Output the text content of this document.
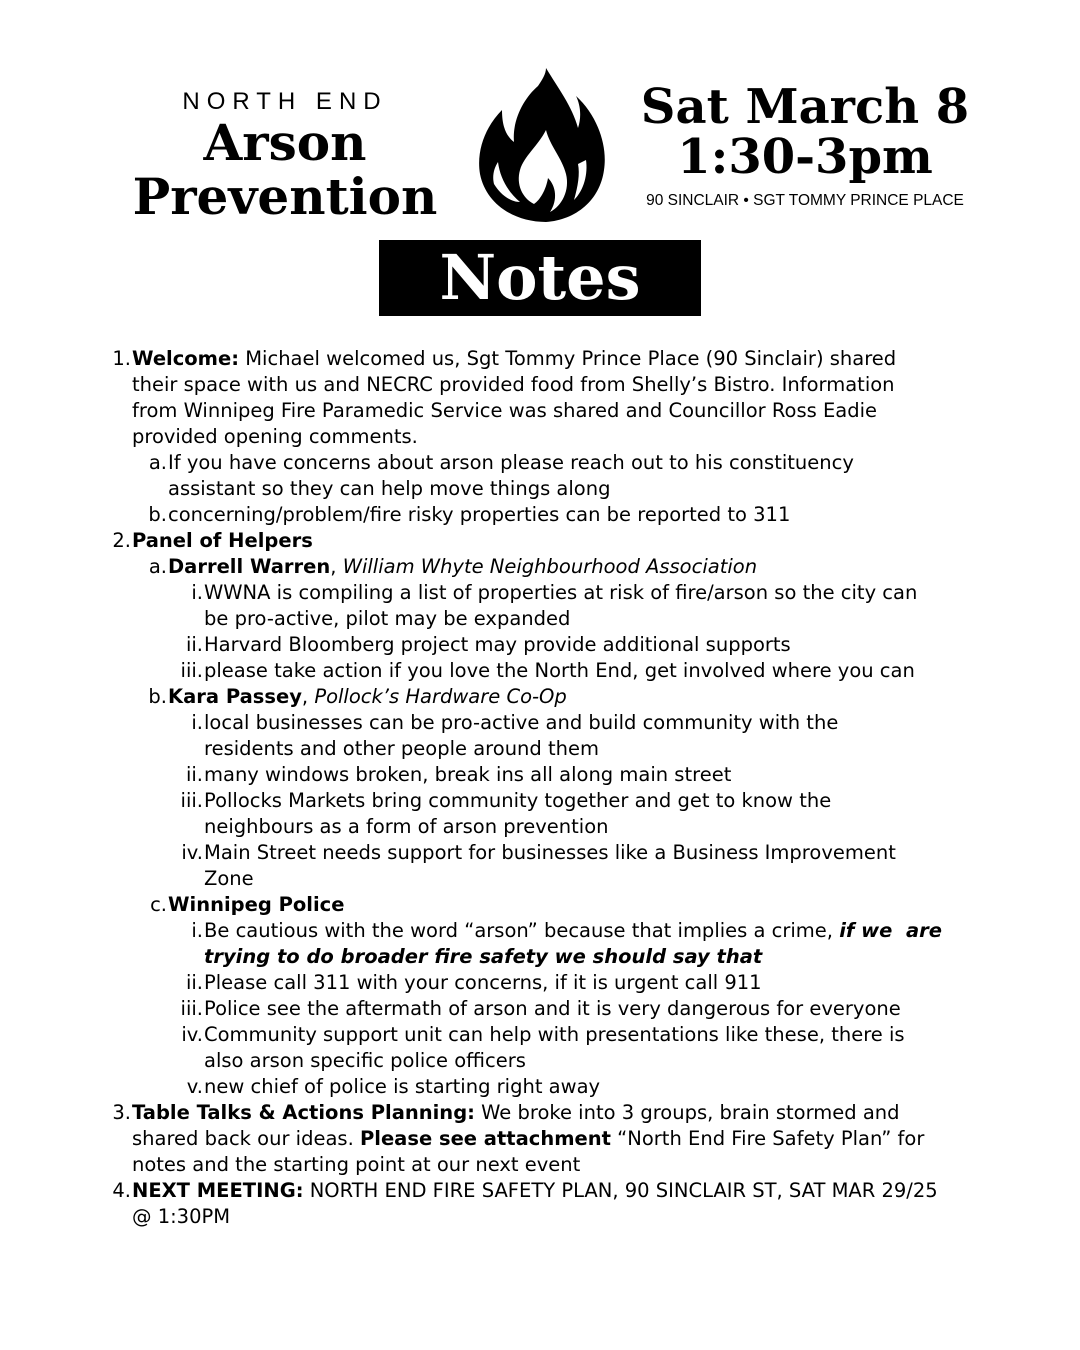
NORTH END
Arson
Prevention
Sat March 8
1:30-3pm
90 SINCLAIR • SGT TOMMY PRINCE PLACE
Notes
1. Welcome: Michael welcomed us, Sgt Tommy Prince Place (90 Sinclair) shared
their space with us and NECRC provided food from Shelly’s Bistro. Information
from Winnipeg Fire Paramedic Service was shared and Councillor Ross Eadie
provided opening comments.
a. If you have concerns about arson please reach out to his constituency
assistant so they can help move things along
b. concerning/problem/fire risky properties can be reported to 311
2. Panel of Helpers
a. Darrell Warren, William Whyte Neighbourhood Association
i. WWNA is compiling a list of properties at risk of fire/arson so the city can
be pro-active, pilot may be expanded
ii. Harvard Bloomberg project may provide additional supports
iii. please take action if you love the North End, get involved where you can
b. Kara Passey, Pollock’s Hardware Co-Op
i. local businesses can be pro-active and build community with the
residents and other people around them
ii. many windows broken, break ins all along main street
iii. Pollocks Markets bring community together and get to know the
neighbours as a form of arson prevention
iv. Main Street needs support for businesses like a Business Improvement
Zone
c. Winnipeg Police
i. Be cautious with the word “arson” because that implies a crime, if we  are
trying to do broader fire safety we should say that
ii. Please call 311 with your concerns, if it is urgent call 911
iii. Police see the aftermath of arson and it is very dangerous for everyone
iv. Community support unit can help with presentations like these, there is
also arson specific police officers
v. new chief of police is starting right away
3. Table Talks & Actions Planning: We broke into 3 groups, brain stormed and
shared back our ideas. Please see attachment “North End Fire Safety Plan” for
notes and the starting point at our next event
4. NEXT MEETING: NORTH END FIRE SAFETY PLAN, 90 SINCLAIR ST, SAT MAR 29/25
@ 1:30PM
